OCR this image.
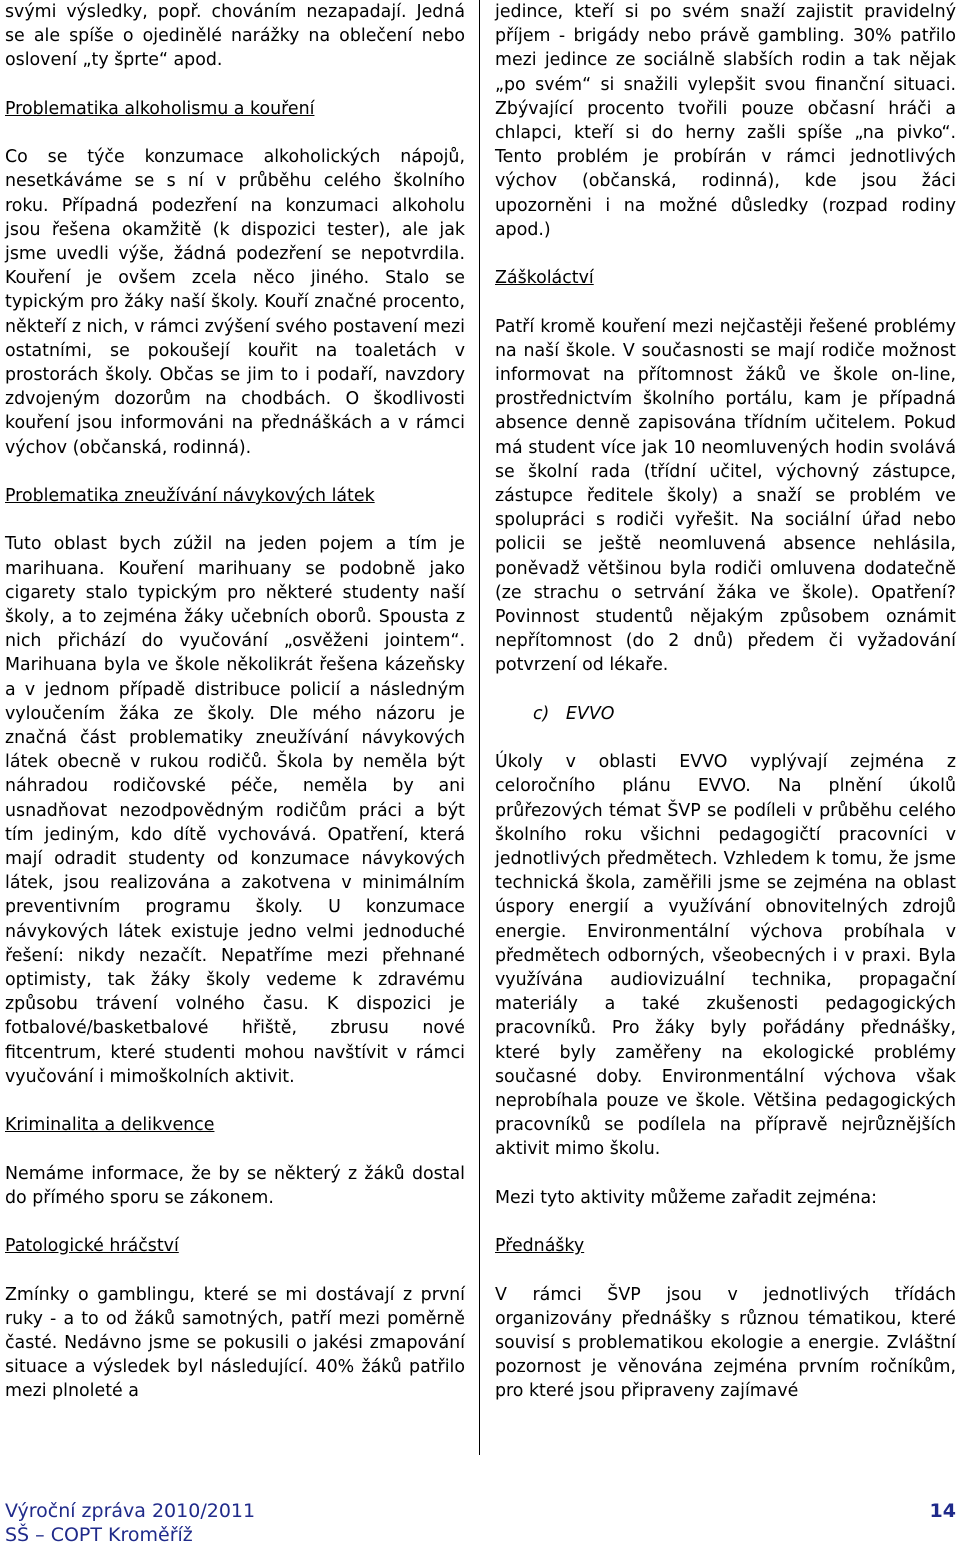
svými výsledky, popř. chováním nezapadají. Jedná se ale spíše o ojedinělé narážky na oblečení nebo oslovení „ty šprte“ apod.

Problematika alkoholismu a kouření

Co se týče konzumace alkoholických nápojů, nesetkáváme se s ní v průběhu celého školního roku. Případná podezření na konzumaci alkoholu jsou řešena okamžitě (k dispozici tester), ale jak jsme uvedli výše, žádná podezření se nepotvrdila. Kouření je ovšem zcela něco jiného. Stalo se typickým pro žáky naší školy. Kouří značné procento, někteří z nich, v rámci zvýšení svého postavení mezi ostatními, se pokoušejí kouřit na toaletách v prostorách školy. Občas se jim to i podaří, navzdory zdvojeným dozorům na chodbách. O škodlivosti kouření jsou informováni na přednáškách a v rámci výchov (občanská, rodinná).

Problematika zneužívání návykových látek

Tuto oblast bych zúžil na jeden pojem a tím je marihuana. Kouření marihuany se podobně jako cigarety stalo typickým pro některé studenty naší školy, a to zejména žáky učebních oborů. Spousta z nich přichází do vyučování „osvěženi jointem“. Marihuana byla ve škole několikrát řešena kázeňsky a v jednom případě distribuce policií a následným vyloučením žáka ze školy. Dle mého názoru je značná část problematiky zneužívání návykových látek obecně v rukou rodičů. Škola by neměla být náhradou rodičovské péče, neměla by ani usnadňovat nezodpovědným rodičům práci a být tím jediným, kdo dítě vychovává. Opatření, která mají odradit studenty od konzumace návykových látek, jsou realizována a zakotvena v minimálním preventivním programu školy. U konzumace návykových látek existuje jedno velmi jednoduché řešení: nikdy nezačít. Nepatříme mezi přehnané optimisty, tak žáky školy vedeme k zdravému způsobu trávení volného času. K dispozici je fotbalové/basketbalové hřiště, zbrusu nové fitcentrum, které studenti mohou navštívit v rámci vyučování i mimoškolních aktivit.

Kriminalita a delikvence

Nemáme informace, že by se některý z žáků dostal do přímého sporu se zákonem.

Patologické hráčství

Zmínky o gamblingu, které se mi dostávají z první ruky - a to od žáků samotných, patří mezi poměrně časté. Nedávno jsme se pokusili o jakési zmapování situace a výsledek byl následující. 40% žáků patřilo mezi plnoleté a

jedince, kteří si po svém snaží zajistit pravidelný příjem - brigády nebo právě gambling. 30% patřilo mezi jedince ze sociálně slabších rodin a tak nějak „po svém“ si snažili vylepšit svou finanční situaci. Zbývající procento tvořili pouze občasní hráči a chlapci, kteří si do herny zašli spíše „na pivko“. Tento problém je probírán v rámci jednotlivých výchov (občanská, rodinná), kde jsou žáci upozorněni i na možné důsledky (rozpad rodiny apod.)

Záškoláctví

Patří kromě kouření mezi nejčastěji řešené problémy na naší škole. V současnosti se mají rodiče možnost informovat na přítomnost žáků ve škole on-line, prostřednictvím školního portálu, kam je případná absence denně zapisována třídním učitelem. Pokud má student více jak 10 neomluvených hodin svolává se školní rada (třídní učitel, výchovný zástupce, zástupce ředitele školy) a snaží se problém ve spolupráci s rodiči vyřešit. Na sociální úřad nebo policii se ještě neomluvená absence nehlásila, poněvadž většinou byla rodiči omluvena dodatečně (ze strachu o setrvání žáka ve škole). Opatření? Povinnost studentů nějakým způsobem oznámit nepřítomnost (do 2 dnů) předem či vyžadování potvrzení od lékaře.

c)   EVVO

Úkoly v oblasti EVVO vyplývají zejména z celoročního plánu EVVO. Na plnění úkolů průřezových témat ŠVP se podíleli v průběhu celého školního roku všichni pedagogičtí pracovníci v jednotlivých předmětech. Vzhledem k tomu, že jsme technická škola, zaměřili jsme se zejména na oblast úspory energií a využívání obnovitelných zdrojů energie. Environmentální výchova probíhala v předmětech odborných, všeobecných i v praxi. Byla využívána audiovizuální technika, propagační materiály a také zkušenosti pedagogických pracovníků. Pro žáky byly pořádány přednášky, které byly zaměřeny na ekologické problémy současné doby. Environmentální výchova však neprobíhala pouze ve škole. Většina pedagogických pracovníků se podílela na přípravě nejrůznějších aktivit mimo školu.

Mezi tyto aktivity můžeme zařadit zejména:

Přednášky

V rámci ŠVP jsou v jednotlivých třídách organizovány přednášky s různou tématikou, které souvisí s problematikou ekologie a energie. Zvláštní pozornost je věnována zejména prvním ročníkům, pro které jsou připraveny zajímavé

Výroční zpráva 2010/2011
SŠ – COPT Kroměříž
14
